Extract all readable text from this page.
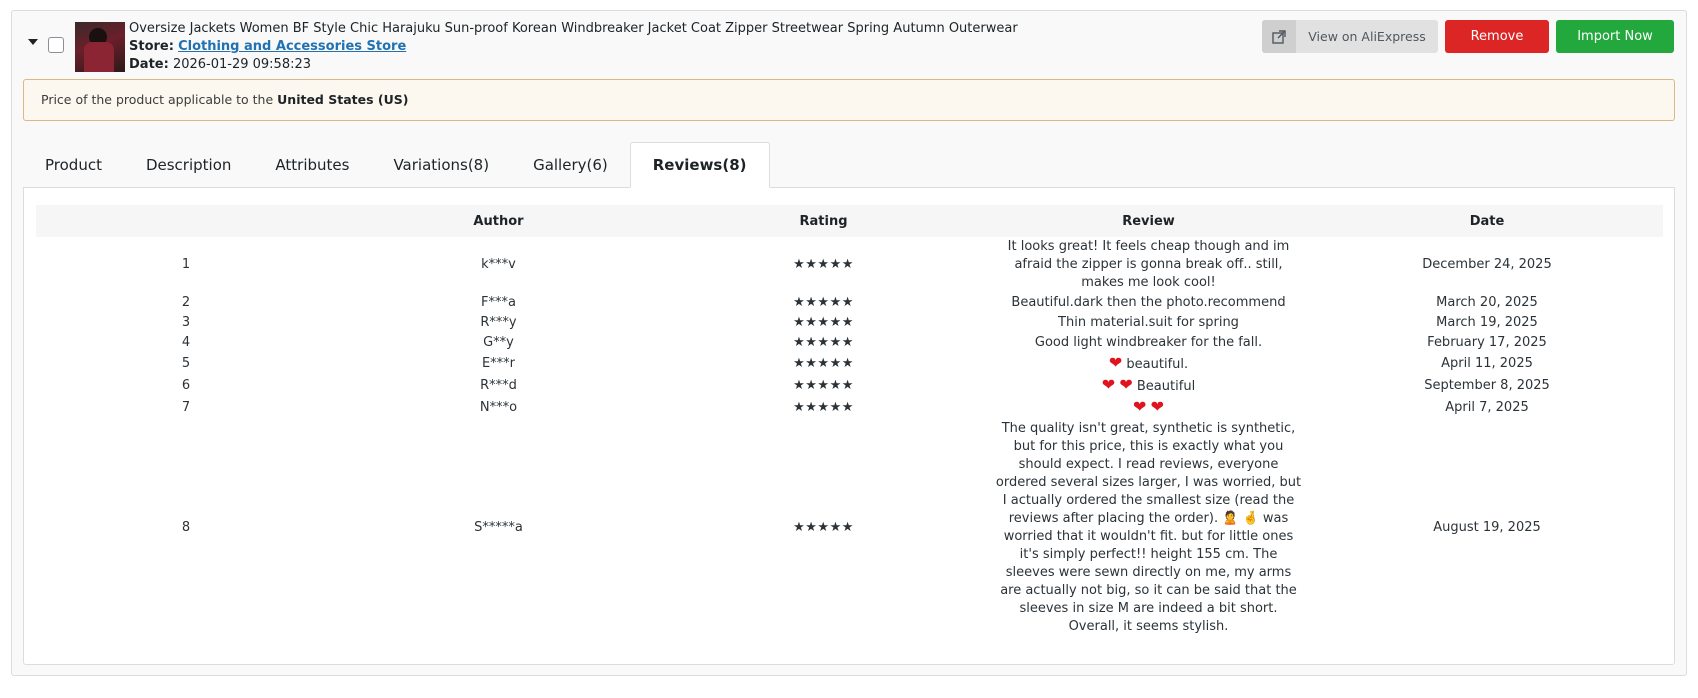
Oversize Jackets Women BF Style Chic Harajuku Sun-proof Korean Windbreaker Jacket Coat Zipper Streetwear Spring Autumn Outerwear
Store: Clothing and Accessories Store
Date: 2026-01-29 09:58:23
View on AliExpress	Remove	Import Now
Price of the product applicable to the United States (US)
Product	Description	Attributes	Variations(8)	Gallery(6)	Reviews(8)
	Author	Rating	Review	Date
1	k***v	★★★★★	It looks great! It feels cheap though and im afraid the zipper is gonna break off.. still, makes me look cool!	December 24, 2025
2	F***a	★★★★★	Beautiful.dark then the photo.recommend	March 20, 2025
3	R***y	★★★★★	Thin material.suit for spring	March 19, 2025
4	G**y	★★★★★	Good light windbreaker for the fall.	February 17, 2025
5	E***r	★★★★★	❤ beautiful.	April 11, 2025
6	R***d	★★★★★	❤ ❤ Beautiful	September 8, 2025
7	N***o	★★★★★	❤ ❤	April 7, 2025
8	S*****a	★★★★★	The quality isn't great, synthetic is synthetic, but for this price, this is exactly what you should expect. I read reviews, everyone ordered several sizes larger, I was worried, but I actually ordered the smallest size (read the reviews after placing the order). 🙎 🤞 was worried that it wouldn't fit. but for little ones it's simply perfect!! height 155 cm. The sleeves were sewn directly on me, my arms are actually not big, so it can be said that the sleeves in size M are indeed a bit short. Overall, it seems stylish.	August 19, 2025
